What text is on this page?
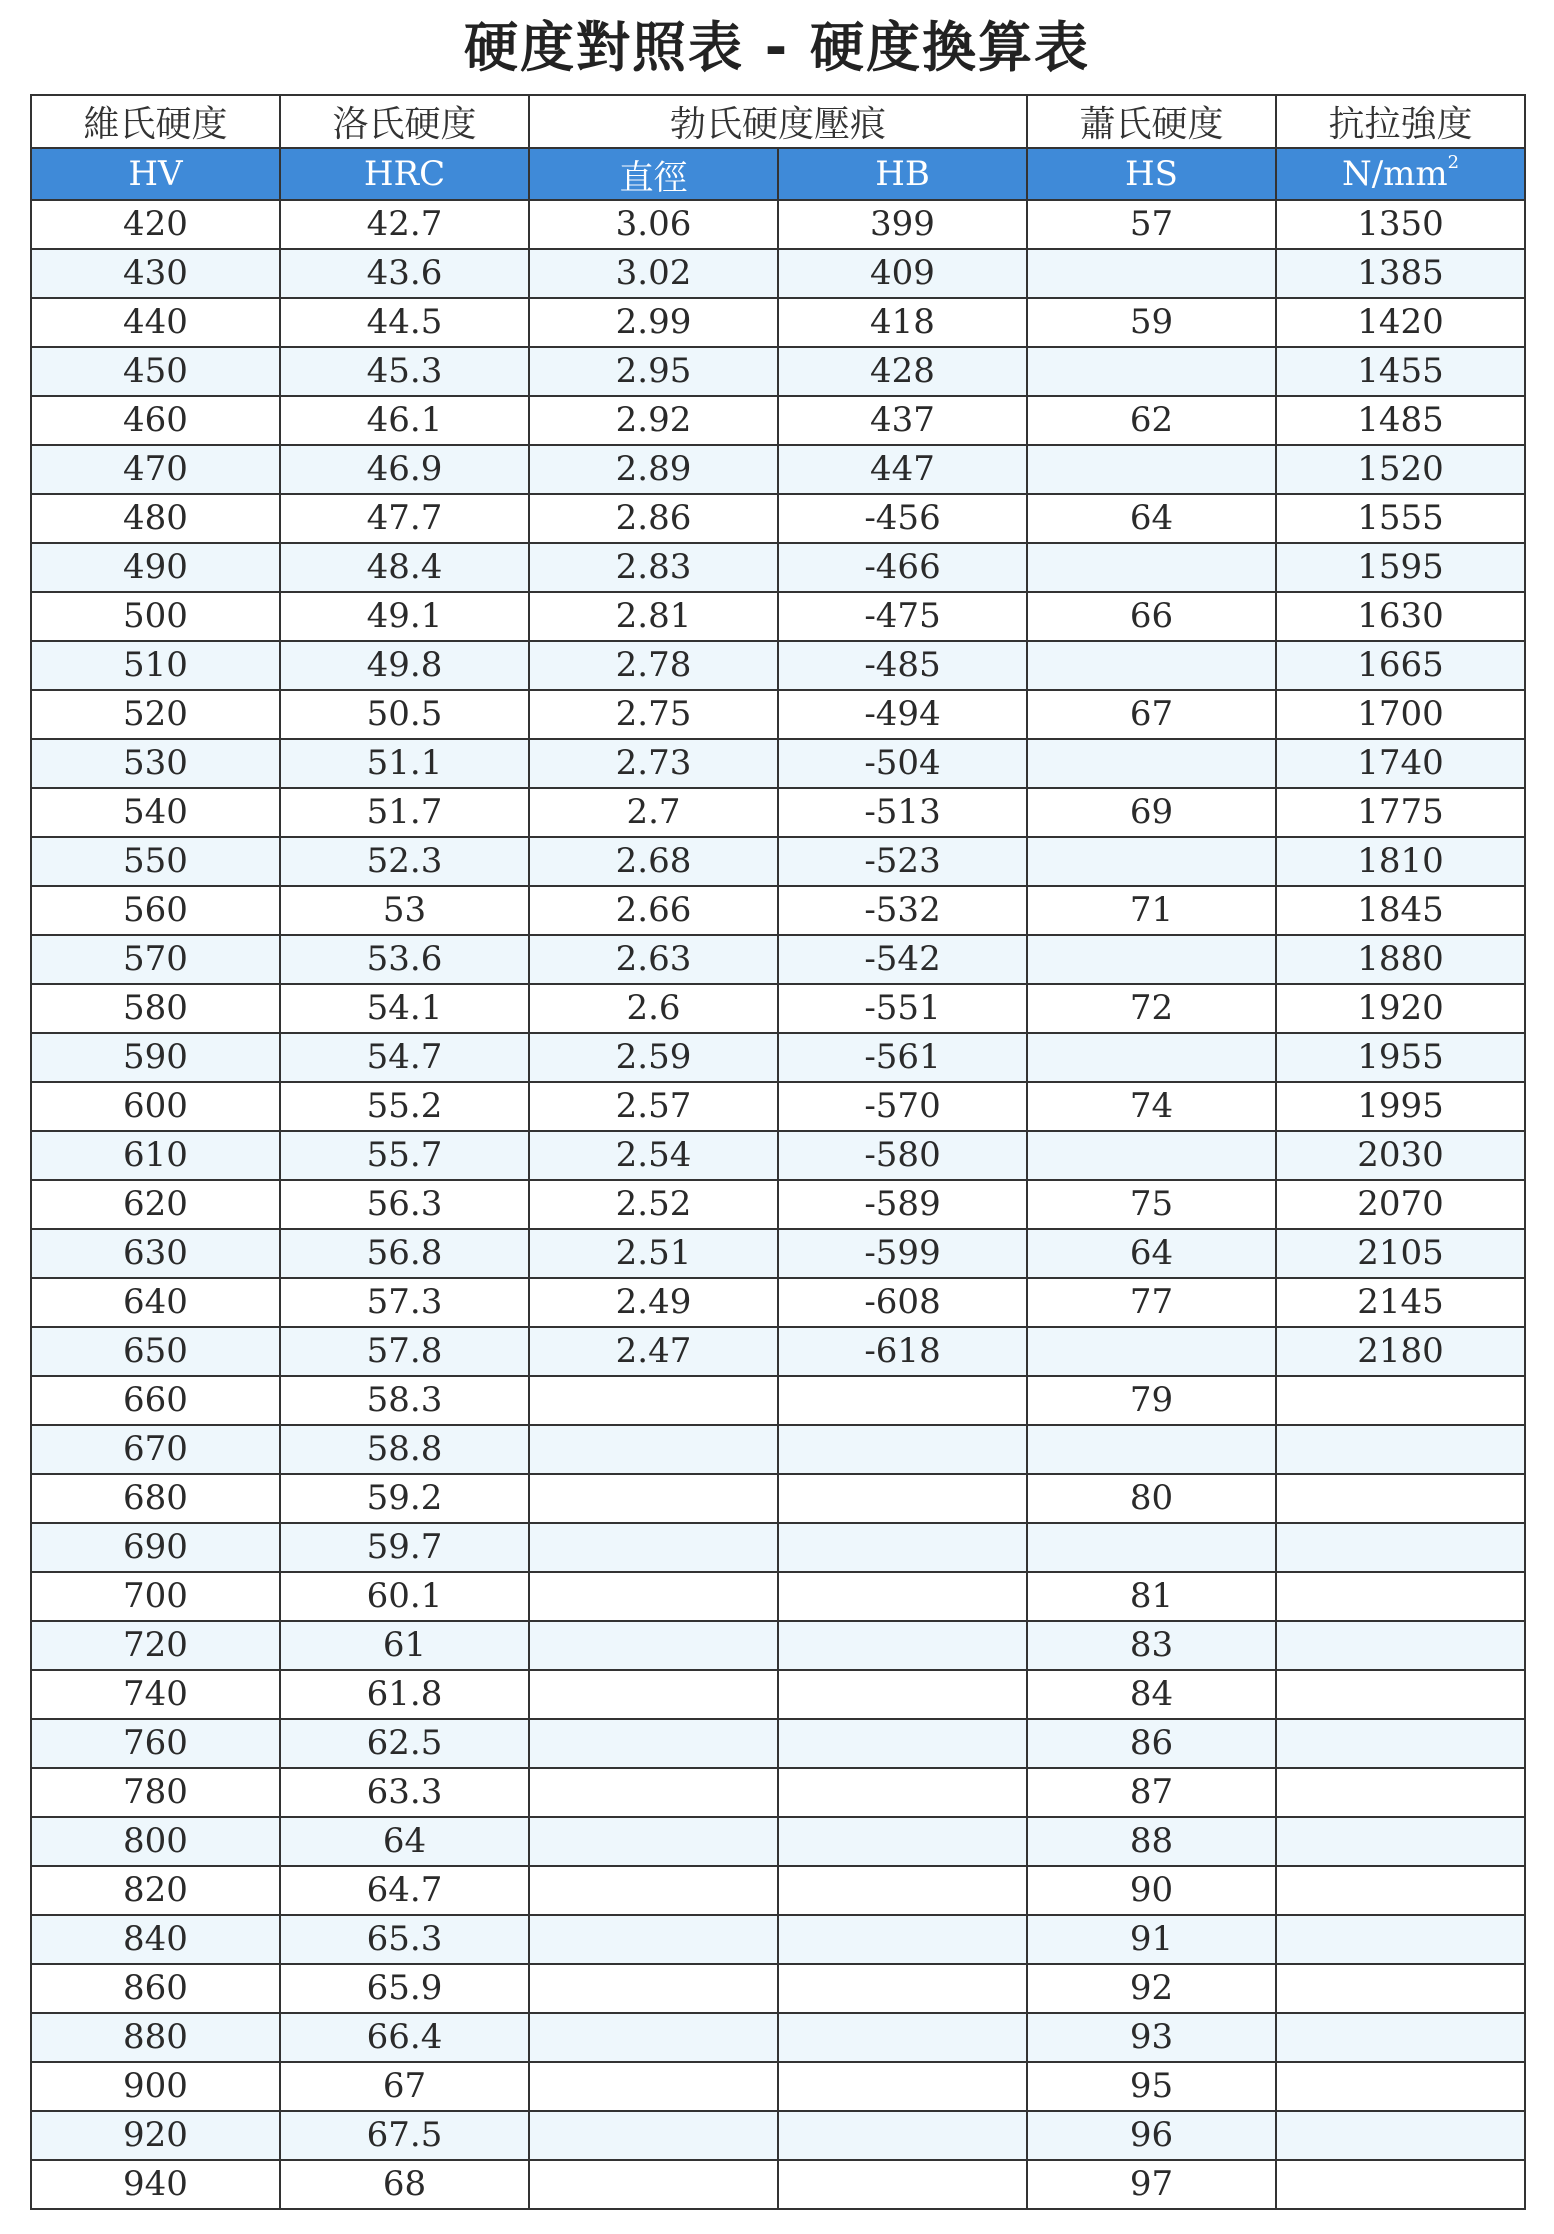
硬度對照表 - 硬度換算表
維氏硬度	洛氏硬度	勃氏硬度壓痕		蕭氏硬度	抗拉強度
HV	HRC	直徑	HB	HS	$N/mm^2$
420	42.7	3.06	399	57	1350
430	43.6	3.02	409		1385
440	44.5	2.99	418	59	1420
450	45.3	2.95	428		1455
460	46.1	2.92	437	62	1485
470	46.9	2.89	447		1520
480	47.7	2.86	-456	64	1555
490	48.4	2.83	-466		1595
500	49.1	2.81	-475	66	1630
510	49.8	2.78	-485		1665
520	50.5	2.75	-494	67	1700
530	51.1	2.73	-504		1740
540	51.7	2.7	-513	69	1775
550	52.3	2.68	-523		1810
560	53	2.66	-532	71	1845
570	53.6	2.63	-542		1880
580	54.1	2.6	-551	72	1920
590	54.7	2.59	-561		1955
600	55.2	2.57	-570	74	1995
610	55.7	2.54	-580		2030
620	56.3	2.52	-589	75	2070
630	56.8	2.51	-599	64	2105
640	57.3	2.49	-608	77	2145
650	57.8	2.47	-618		2180
660	58.3			79	
670	58.8				
680	59.2			80	
690	59.7				
700	60.1			81	
720	61			83	
740	61.8			84	
760	62.5			86	
780	63.3			87	
800	64			88	
820	64.7			90	
840	65.3			91	
860	65.9			92	
880	66.4			93	
900	67			95	
920	67.5			96	
940	68			97	
